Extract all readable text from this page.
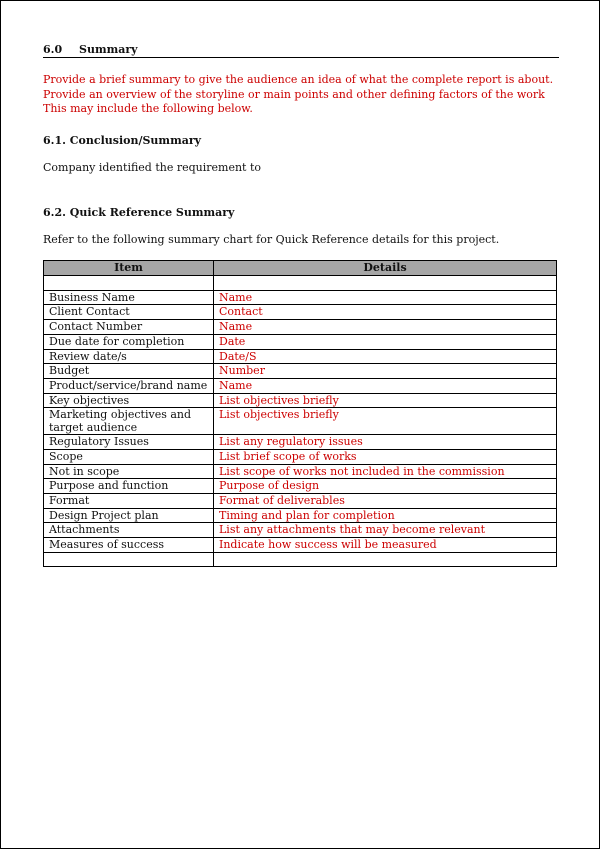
6.0	Summary

Provide a brief summary to give the audience an idea of what the complete report is about.

Provide an overview of the storyline or main points and other defining factors of the work This may include the following below.

6.1. Conclusion/Summary
Company identified the requirement to
6.2. Quick Reference Summary
Refer to the following summary chart for Quick Reference details for this project.
Item	Details

Business Name	Name
Client Contact	Contact
Contact Number	Name
Due date for completion	Date
Review date/s	Date/S
Budget	Number
Product/service/brand name	Name
Key objectives	List objectives briefly
Marketing objectives and target audience	List objectives briefly
Regulatory Issues	List any regulatory issues
Scope	List brief scope of works
Not in scope	List scope of works not included in the commission
Purpose and function	Purpose of design
Format	Format of deliverables
Design Project plan	Timing and plan for completion
Attachments	List any attachments that may become relevant
Measures of success	Indicate how success will be measured
